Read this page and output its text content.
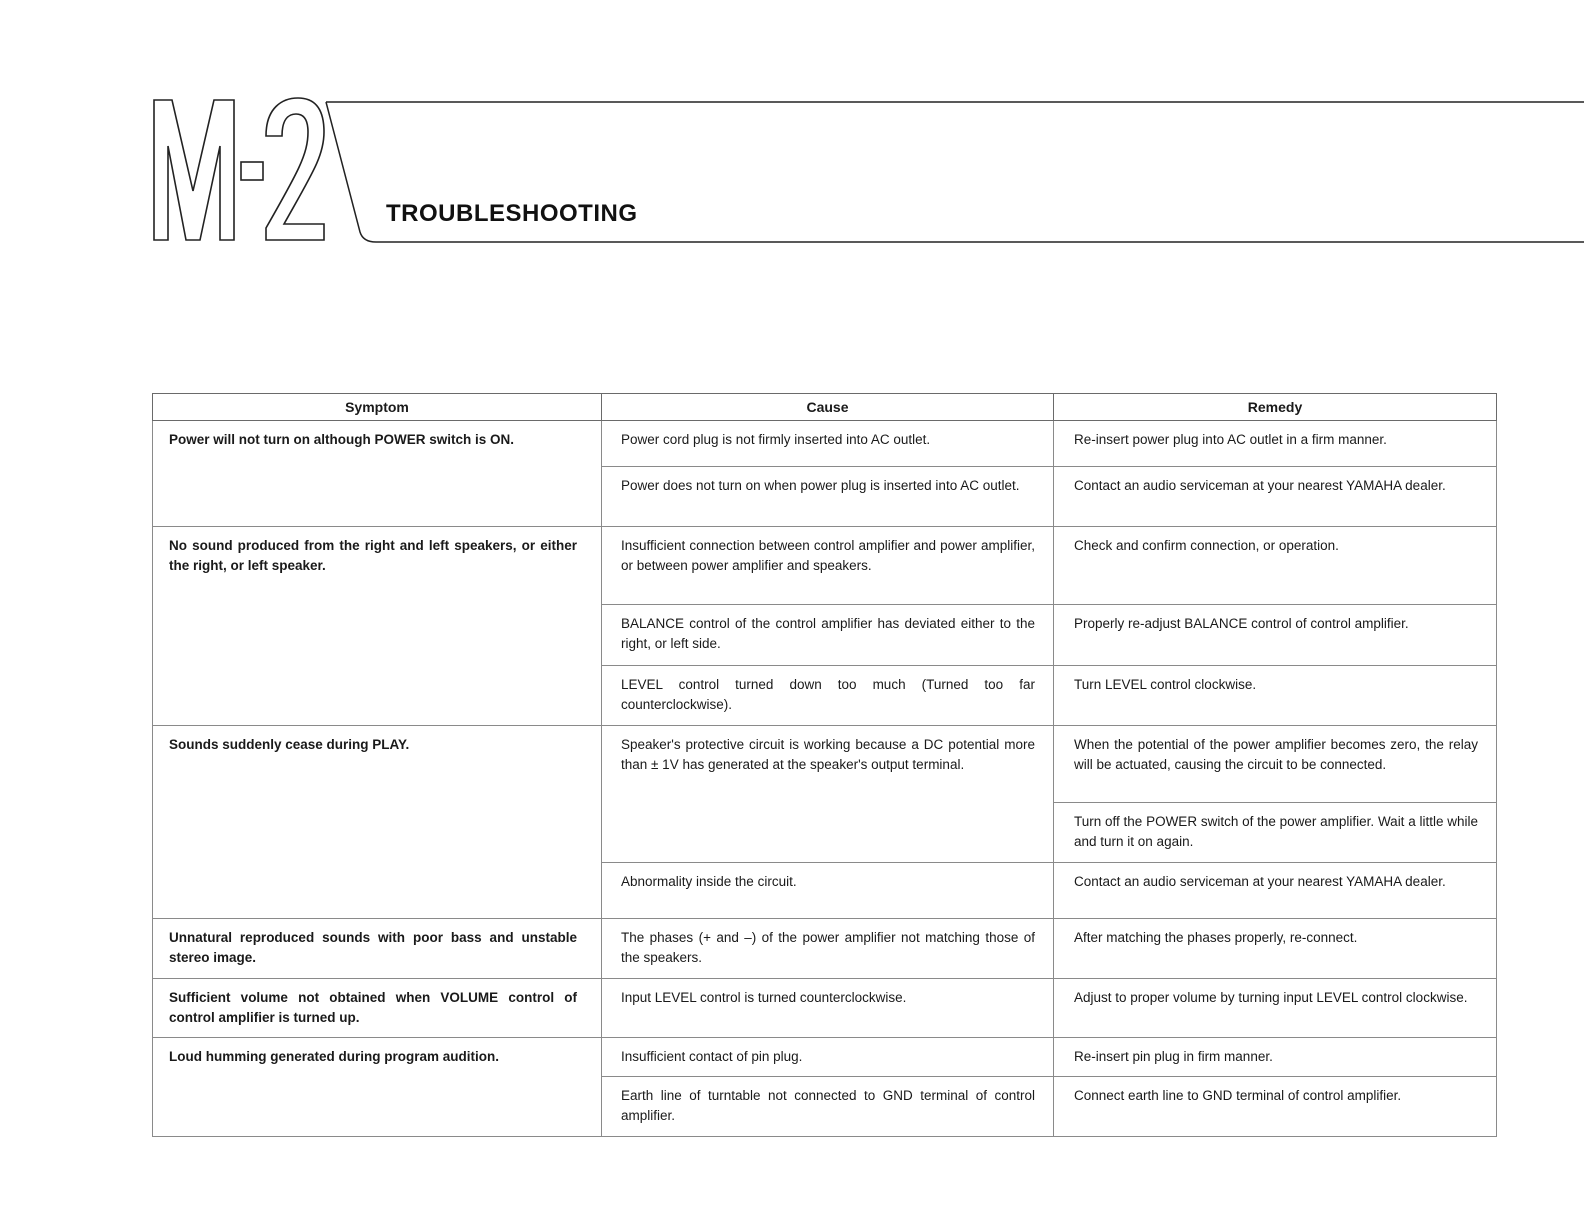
TROUBLESHOOTING
Symptom	Cause	Remedy
Power will not turn on although POWER switch is ON.	Power cord plug is not firmly inserted into AC outlet.	Re-insert power plug into AC outlet in a firm manner.
	Power does not turn on when power plug is inserted into AC outlet.	Contact an audio serviceman at your nearest YAMAHA dealer.
No sound produced from the right and left speakers, or either the right, or left speaker.	Insufficient connection between control amplifier and power amplifier, or between power amplifier and speakers.	Check and confirm connection, or operation.
	BALANCE control of the control amplifier has deviated either to the right, or left side.	Properly re-adjust BALANCE control of control amplifier.
	LEVEL control turned down too much (Turned too far counterclockwise).	Turn LEVEL control clockwise.
Sounds suddenly cease during PLAY.	Speaker's protective circuit is working because a DC potential more than ± 1V has generated at the speaker's output terminal.	When the potential of the power amplifier becomes zero, the relay will be actuated, causing the circuit to be connected.
		Turn off the POWER switch of the power amplifier. Wait a little while and turn it on again.
	Abnormality inside the circuit.	Contact an audio serviceman at your nearest YAMAHA dealer.
Unnatural reproduced sounds with poor bass and unstable stereo image.	The phases (+ and –) of the power amplifier not matching those of the speakers.	After matching the phases properly, re-connect.
Sufficient volume not obtained when VOLUME control of control amplifier is turned up.	Input LEVEL control is turned counterclockwise.	Adjust to proper volume by turning input LEVEL control clockwise.
Loud humming generated during program audition.	Insufficient contact of pin plug.	Re-insert pin plug in firm manner.
	Earth line of turntable not connected to GND terminal of control amplifier.	Connect earth line to GND terminal of control amplifier.
